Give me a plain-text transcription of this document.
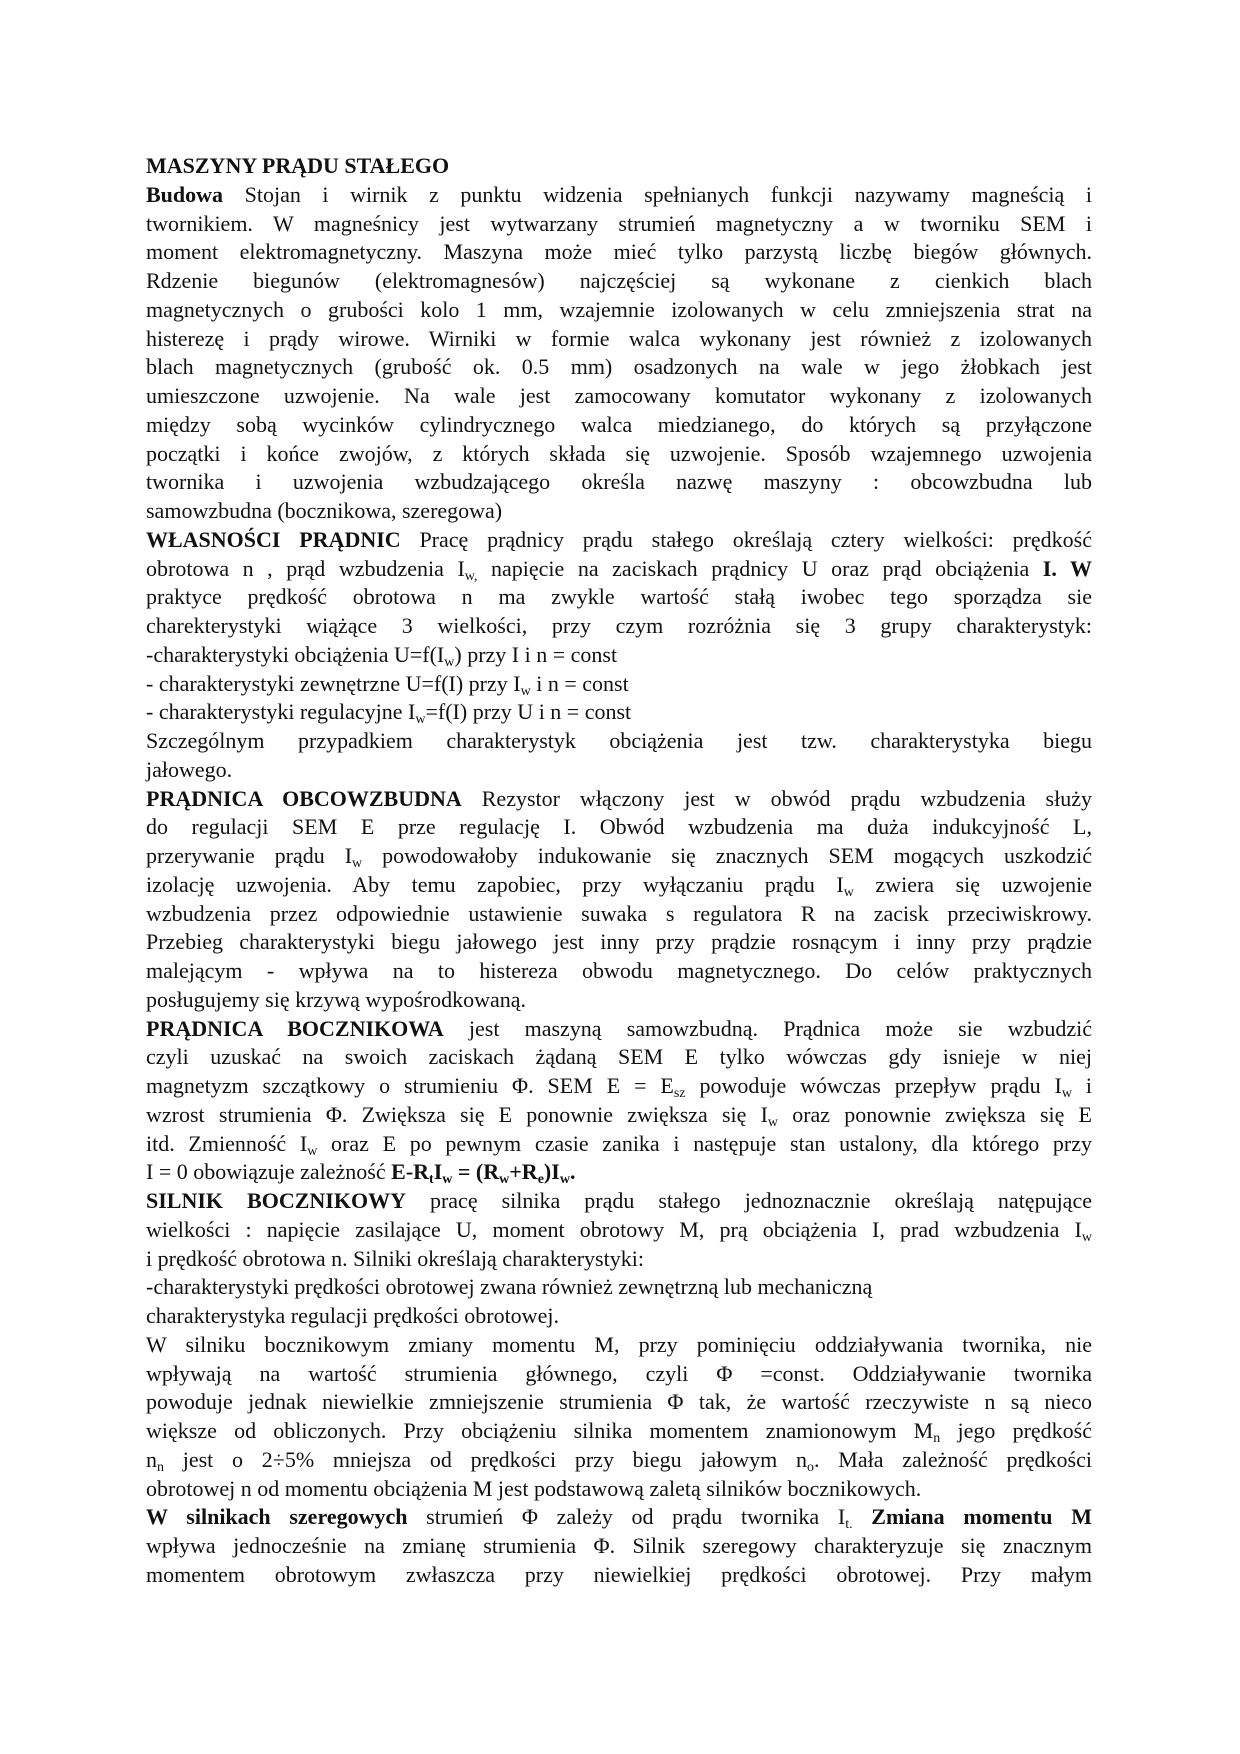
MASZYNY PRĄDU STAŁEGO
Budowa Stojan i wirnik z punktu widzenia spełnianych funkcji nazywamy magneścią i
twornikiem. W magneśnicy jest wytwarzany strumień magnetyczny a w tworniku SEM i
moment elektromagnetyczny. Maszyna może mieć tylko parzystą liczbę biegów głównych.
Rdzenie biegunów (elektromagnesów) najczęściej są wykonane z cienkich blach
magnetycznych o grubości kolo 1 mm, wzajemnie izolowanych w celu zmniejszenia strat na
histerezę i prądy wirowe. Wirniki w formie walca wykonany jest również z izolowanych
blach magnetycznych (grubość ok. 0.5 mm) osadzonych na wale w jego żłobkach jest
umieszczone uzwojenie. Na wale jest zamocowany komutator wykonany z izolowanych
między sobą wycinków cylindrycznego walca miedzianego, do których są przyłączone
początki i końce zwojów, z których składa się uzwojenie. Sposób wzajemnego uzwojenia
twornika i uzwojenia wzbudzającego określa nazwę maszyny : obcowzbudna lub
samowzbudna (bocznikowa, szeregowa)
WŁASNOŚCI PRĄDNIC Pracę prądnicy prądu stałego określają cztery wielkości: prędkość
obrotowa n , prąd wzbudzenia Iw, napięcie na zaciskach prądnicy U oraz prąd obciążenia I. W
praktyce prędkość obrotowa n ma zwykle wartość stałą iwobec tego sporządza sie
charekterystyki wiążące 3 wielkości, przy czym rozróżnia się 3 grupy charakterystyk:
-charakterystyki obciążenia U=f(Iw) przy I i n = const
- charakterystyki zewnętrzne U=f(I) przy Iw i n = const
- charakterystyki regulacyjne Iw=f(I) przy U i n = const
Szczególnym przypadkiem charakterystyk obciążenia jest tzw. charakterystyka biegu
jałowego.
PRĄDNICA OBCOWZBUDNA Rezystor włączony jest w obwód prądu wzbudzenia służy
do regulacji SEM E prze regulację I. Obwód wzbudzenia ma duża indukcyjność L,
przerywanie prądu Iw powodowałoby indukowanie się znacznych SEM mogących uszkodzić
izolację uzwojenia. Aby temu zapobiec, przy wyłączaniu prądu Iw zwiera się uzwojenie
wzbudzenia przez odpowiednie ustawienie suwaka s regulatora R na zacisk przeciwiskrowy.
Przebieg charakterystyki biegu jałowego jest inny przy prądzie rosnącym i inny przy prądzie
malejącym - wpływa na to histereza obwodu magnetycznego. Do celów praktycznych
posługujemy się krzywą wypośrodkowaną.
PRĄDNICA BOCZNIKOWA jest maszyną samowzbudną. Prądnica może sie wzbudzić
czyli uzuskać na swoich zaciskach żądaną SEM E tylko wówczas gdy isnieje w niej
magnetyzm szczątkowy o strumieniu Φ. SEM E = Esz powoduje wówczas przepływ prądu Iw i
wzrost strumienia Φ. Zwiększa się E ponownie zwiększa się Iw oraz ponownie zwiększa się E
itd. Zmienność Iw oraz E po pewnym czasie zanika i następuje stan ustalony, dla którego przy
I = 0 obowiązuje zależność E-RtIw = (Rw+Re)Iw.
SILNIK BOCZNIKOWY pracę silnika prądu stałego jednoznacznie określają natępujące
wielkości : napięcie zasilające U, moment obrotowy M, prą obciążenia I, prad wzbudzenia Iw
i prędkość obrotowa n. Silniki określają charakterystyki:
-charakterystyki prędkości obrotowej zwana również zewnętrzną lub mechaniczną
charakterystyka regulacji prędkości obrotowej.
W silniku bocznikowym zmiany momentu M, przy pominięciu oddziaływania twornika, nie
wpływają na wartość strumienia głównego, czyli Φ =const. Oddziaływanie twornika
powoduje jednak niewielkie zmniejszenie strumienia Φ tak, że wartość rzeczywiste n są nieco
większe od obliczonych. Przy obciążeniu silnika momentem znamionowym Mn jego prędkość
nn jest o 2÷5% mniejsza od prędkości przy biegu jałowym no. Mała zależność prędkości
obrotowej n od momentu obciążenia M jest podstawową zaletą silników bocznikowych.
W silnikach szeregowych strumień Φ zależy od prądu twornika It. Zmiana momentu M
wpływa jednocześnie na zmianę strumienia Φ. Silnik szeregowy charakteryzuje się znacznym
momentem obrotowym zwłaszcza przy niewielkiej prędkości obrotowej. Przy małym
